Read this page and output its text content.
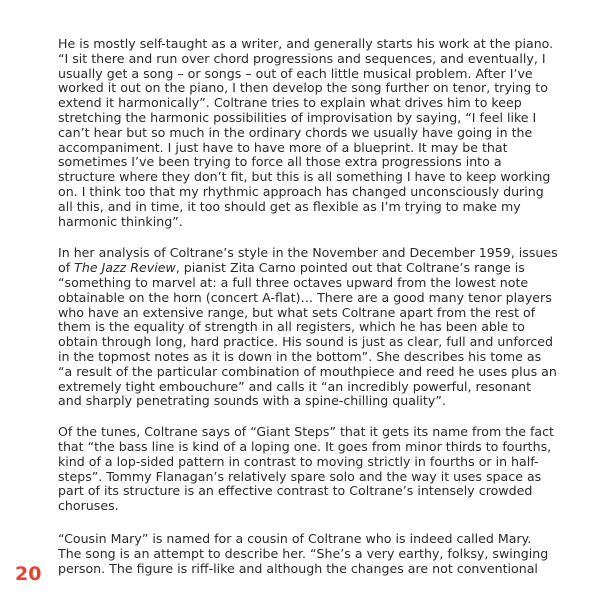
He is mostly self-taught as a writer, and generally starts his work at the piano. “I sit there and run over chord progressions and sequences, and eventually, I usually get a song – or songs – out of each little musical problem. After I’ve worked it out on the piano, I then develop the song further on tenor, trying to extend it harmonically”. Coltrane tries to explain what drives him to keep stretching the harmonic possibilities of improvisation by saying, “I feel like I can’t hear but so much in the ordinary chords we usually have going in the accompaniment. I just have to have more of a blueprint. It may be that sometimes I’ve been trying to force all those extra progressions into a structure where they don’t fit, but this is all something I have to keep working on. I think too that my rhythmic approach has changed unconsciously during all this, and in time, it too should get as flexible as I’m trying to make my harmonic thinking”.

In her analysis of Coltrane’s style in the November and December 1959, issues of The Jazz Review, pianist Zita Carno pointed out that Coltrane’s range is “something to marvel at: a full three octaves upward from the lowest note obtainable on the horn (concert A-flat)… There are a good many tenor players who have an extensive range, but what sets Coltrane apart from the rest of them is the equality of strength in all registers, which he has been able to obtain through long, hard practice. His sound is just as clear, full and unforced in the topmost notes as it is down in the bottom”. She describes his tome as “a result of the particular combination of mouthpiece and reed he uses plus an extremely tight embouchure” and calls it “an incredibly powerful, resonant and sharply penetrating sounds with a spine-chilling quality”.

Of the tunes, Coltrane says of “Giant Steps” that it gets its name from the fact that “the bass line is kind of a loping one. It goes from minor thirds to fourths, kind of a lop-sided pattern in contrast to moving strictly in fourths or in half-steps”. Tommy Flanagan’s relatively spare solo and the way it uses space as part of its structure is an effective contrast to Coltrane’s intensely crowded choruses.

“Cousin Mary” is named for a cousin of Coltrane who is indeed called Mary. The song is an attempt to describe her. “She’s a very earthy, folksy, swinging person. The figure is riff-like and although the changes are not conventional

20
